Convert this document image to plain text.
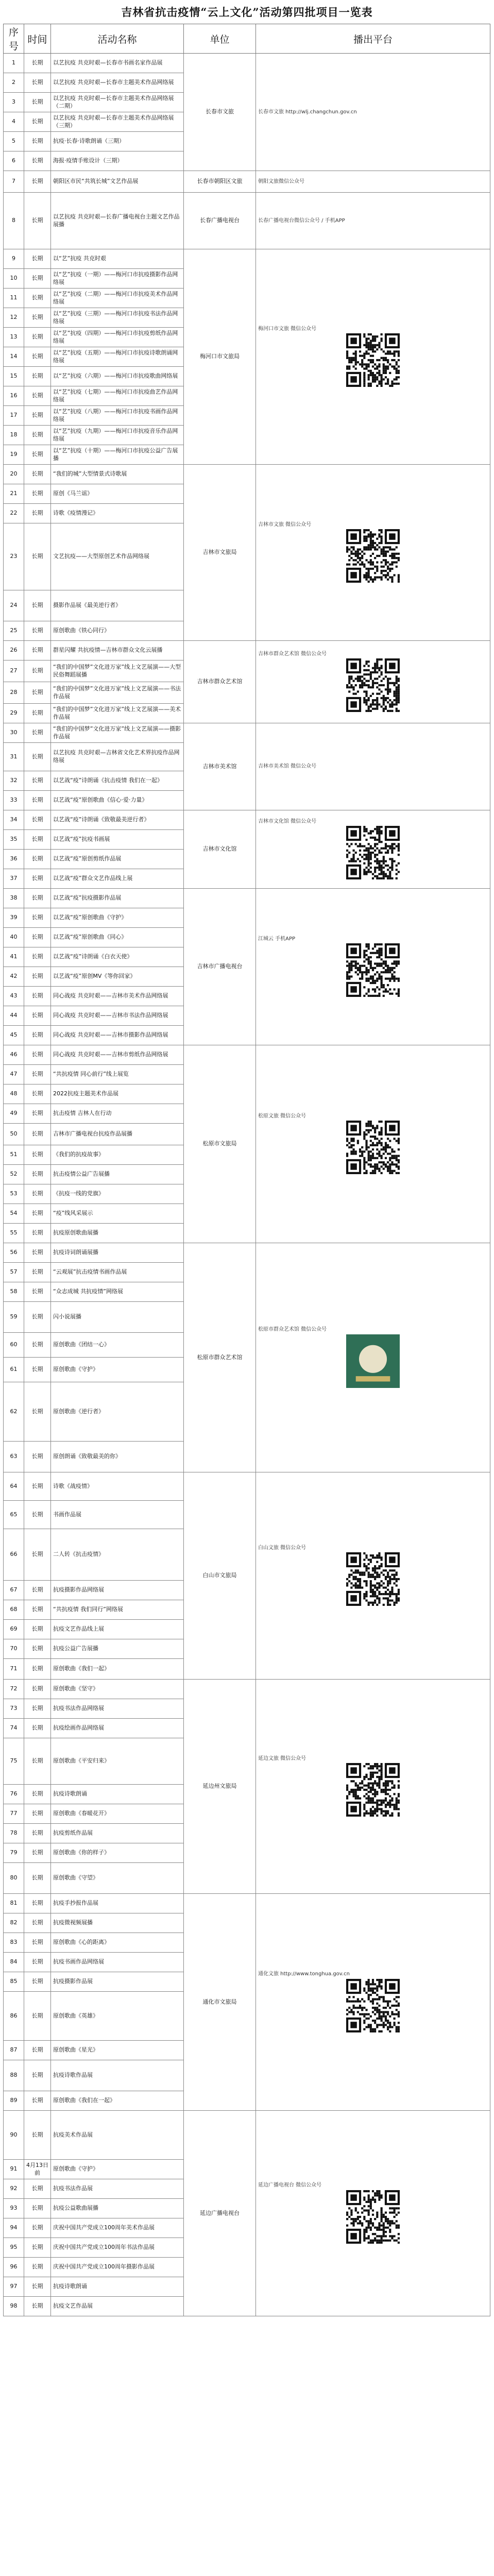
吉林省抗击疫情“云上文化”活动第四批项目一览表
序号	时间	活动名称	单位	播出平台
1	长期	以艺抗疫 共克时艰—长春市书画名家作品展	长春市文旅	长春市文旅 http://wlj.changchun.gov.cn

2	长期	以艺抗疫 共克时艰—长春市主题美术作品网络展		
3	长期	以艺抗疫 共克时艰—长春市主题美术作品网络展（二期）		
4	长期	以艺抗疫 共克时艰—长春市主题美术作品网络展（三期）		
5	长期	抗疫·长春·诗歌朗诵（三期）		
6	长期	海报·疫情手账设计（三期）		
7	长期	朝阳区市民“共筑长城”文艺作品展	长春市朝阳区文旅	朝阳文旅微信公众号

8	长期	以艺抗疫 共克时艰—长春广播电视台主题文艺作品展播	长春广播电视台	长春广播电视台微信公众号 / 手机APP

9	长期	以“艺”抗疫 共克时艰	梅河口市文旅局	梅河口市文旅 微信公众号

10	长期	以“艺”抗疫（一期）——梅河口市抗疫摄影作品网络展		
11	长期	以“艺”抗疫（二期）——梅河口市抗疫美术作品网络展		
12	长期	以“艺”抗疫（三期）——梅河口市抗疫书法作品网络展		
13	长期	以“艺”抗疫（四期）——梅河口市抗疫剪纸作品网络展		
14	长期	以“艺”抗疫（五期）——梅河口市抗疫诗歌朗诵网络展		
15	长期	以“艺”抗疫（六期）——梅河口市抗疫歌曲网络展		
16	长期	以“艺”抗疫（七期）——梅河口市抗疫曲艺作品网络展		
17	长期	以“艺”抗疫（八期）——梅河口市抗疫书画作品网络展		
18	长期	以“艺”抗疫（九期）——梅河口市抗疫音乐作品网络展		
19	长期	以“艺”抗疫（十期）——梅河口市抗疫公益广告展播		
20	长期	“我们的城”大型情景式诗歌展	吉林市文旅局	吉林市文旅 微信公众号

21	长期	原创《马兰谣》		
22	长期	诗歌《疫情漫记》		
23	长期	文艺抗疫——大型原创艺术作品网络展		
24	长期	摄影作品展《最美逆行者》		
25	长期	原创歌曲《铁心同行》		
26	长期	群星闪耀 共抗疫情—吉林市群众文化云展播	吉林市群众艺术馆	吉林市群众艺术馆 微信公众号

27	长期	“我们的中国梦”文化进万家”线上文艺展演——大型民俗舞蹈展播		
28	长期	“我们的中国梦”文化进万家”线上文艺展演——书法作品展		
29	长期	“我们的中国梦”文化进万家”线上文艺展演——美术作品展		
30	长期	“我们的中国梦”文化进万家”线上文艺展演——摄影作品展	吉林市美术馆	吉林市美术馆 微信公众号

31	长期	以艺抗疫 共克时艰—吉林省文化艺术界抗疫作品网络展		
32	长期	以艺战“疫”诗朗诵《抗击疫情 我们在一起》		
33	长期	以艺战“疫”原创歌曲《信心·爱·力量》		
34	长期	以艺战“疫”诗朗诵《致敬最美逆行者》	吉林市文化馆	吉林市文化馆 微信公众号

35	长期	以艺战“疫”抗疫书画展		
36	长期	以艺战“疫”原创剪纸作品展		
37	长期	以艺战“疫”群众文艺作品线上展		
38	长期	以艺战“疫”抗疫摄影作品展	吉林市广播电视台	江城云 手机APP

39	长期	以艺战“疫”原创歌曲《守护》		
40	长期	以艺战“疫”原创歌曲《同心》		
41	长期	以艺战“疫”诗朗诵《白衣天使》		
42	长期	以艺战“疫”原创MV《等你回家》		
43	长期	同心战疫 共克时艰——吉林市美术作品网络展		
44	长期	同心战疫 共克时艰——吉林市书法作品网络展		
45	长期	同心战疫 共克时艰——吉林市摄影作品网络展		
46	长期	同心战疫 共克时艰——吉林市剪纸作品网络展	松原市文旅局	松原文旅 微信公众号

47	长期	“共抗疫情 同心前行”线上展览		
48	长期	2022抗疫主题美术作品展		
49	长期	抗击疫情 吉林人在行动		
50	长期	吉林市广播电视台抗疫作品展播		
51	长期	《我们的抗疫故事》		
52	长期	抗击疫情公益广告展播		
53	长期	《抗疫一线的党旗》		
54	长期	“疫”线风采展示		
55	长期	抗疫原创歌曲展播		
56	长期	抗疫诗词朗诵展播	松原市群众艺术馆	松原市群众艺术馆 微信公众号

57	长期	“云观展”抗击疫情书画作品展		
58	长期	“众志成城 共抗疫情”网络展		
59	长期	闪小说展播		
60	长期	原创歌曲《团结一心》		
61	长期	原创歌曲《守护》		
62	长期	原创歌曲《逆行者》		
63	长期	原创朗诵《致敬最美的你》		
64	长期	诗歌《战疫情》	白山市文旅局	白山文旅 微信公众号

65	长期	书画作品展		
66	长期	二人转《抗击疫情》		
67	长期	抗疫摄影作品网络展		
68	长期	“共抗疫情 我们同行”网络展		
69	长期	抗疫文艺作品线上展		
70	长期	抗疫公益广告展播		
71	长期	原创歌曲《我们一起》		
72	长期	原创歌曲《坚守》	延边州文旅局	延边文旅 微信公众号

73	长期	抗疫书法作品网络展		
74	长期	抗疫绘画作品网络展		
75	长期	原创歌曲《平安归来》		
76	长期	抗疫诗歌朗诵		
77	长期	原创歌曲《春暖花开》		
78	长期	抗疫剪纸作品展		
79	长期	原创歌曲《你的样子》		
80	长期	原创歌曲《守望》		
81	长期	抗疫手抄报作品展	通化市文旅局	通化文旅 http://www.tonghua.gov.cn

82	长期	抗疫微视频展播		
83	长期	原创歌曲《心的距离》		
84	长期	抗疫书画作品网络展		
85	长期	抗疫摄影作品展		
86	长期	原创歌曲《英雄》		
87	长期	原创歌曲《星光》		
88	长期	抗疫诗歌作品展		
89	长期	原创歌曲《我们在一起》		
90	长期	抗疫美术作品展	延边广播电视台	延边广播电视台 微信公众号

91	4月13日前	原创歌曲《守护》		
92	长期	抗疫书法作品展		
93	长期	抗疫公益歌曲展播		
94	长期	庆祝中国共产党成立100周年美术作品展		
95	长期	庆祝中国共产党成立100周年书法作品展		
96	长期	庆祝中国共产党成立100周年摄影作品展		
97	长期	抗疫诗歌朗诵		
98	长期	抗疫文艺作品展		
